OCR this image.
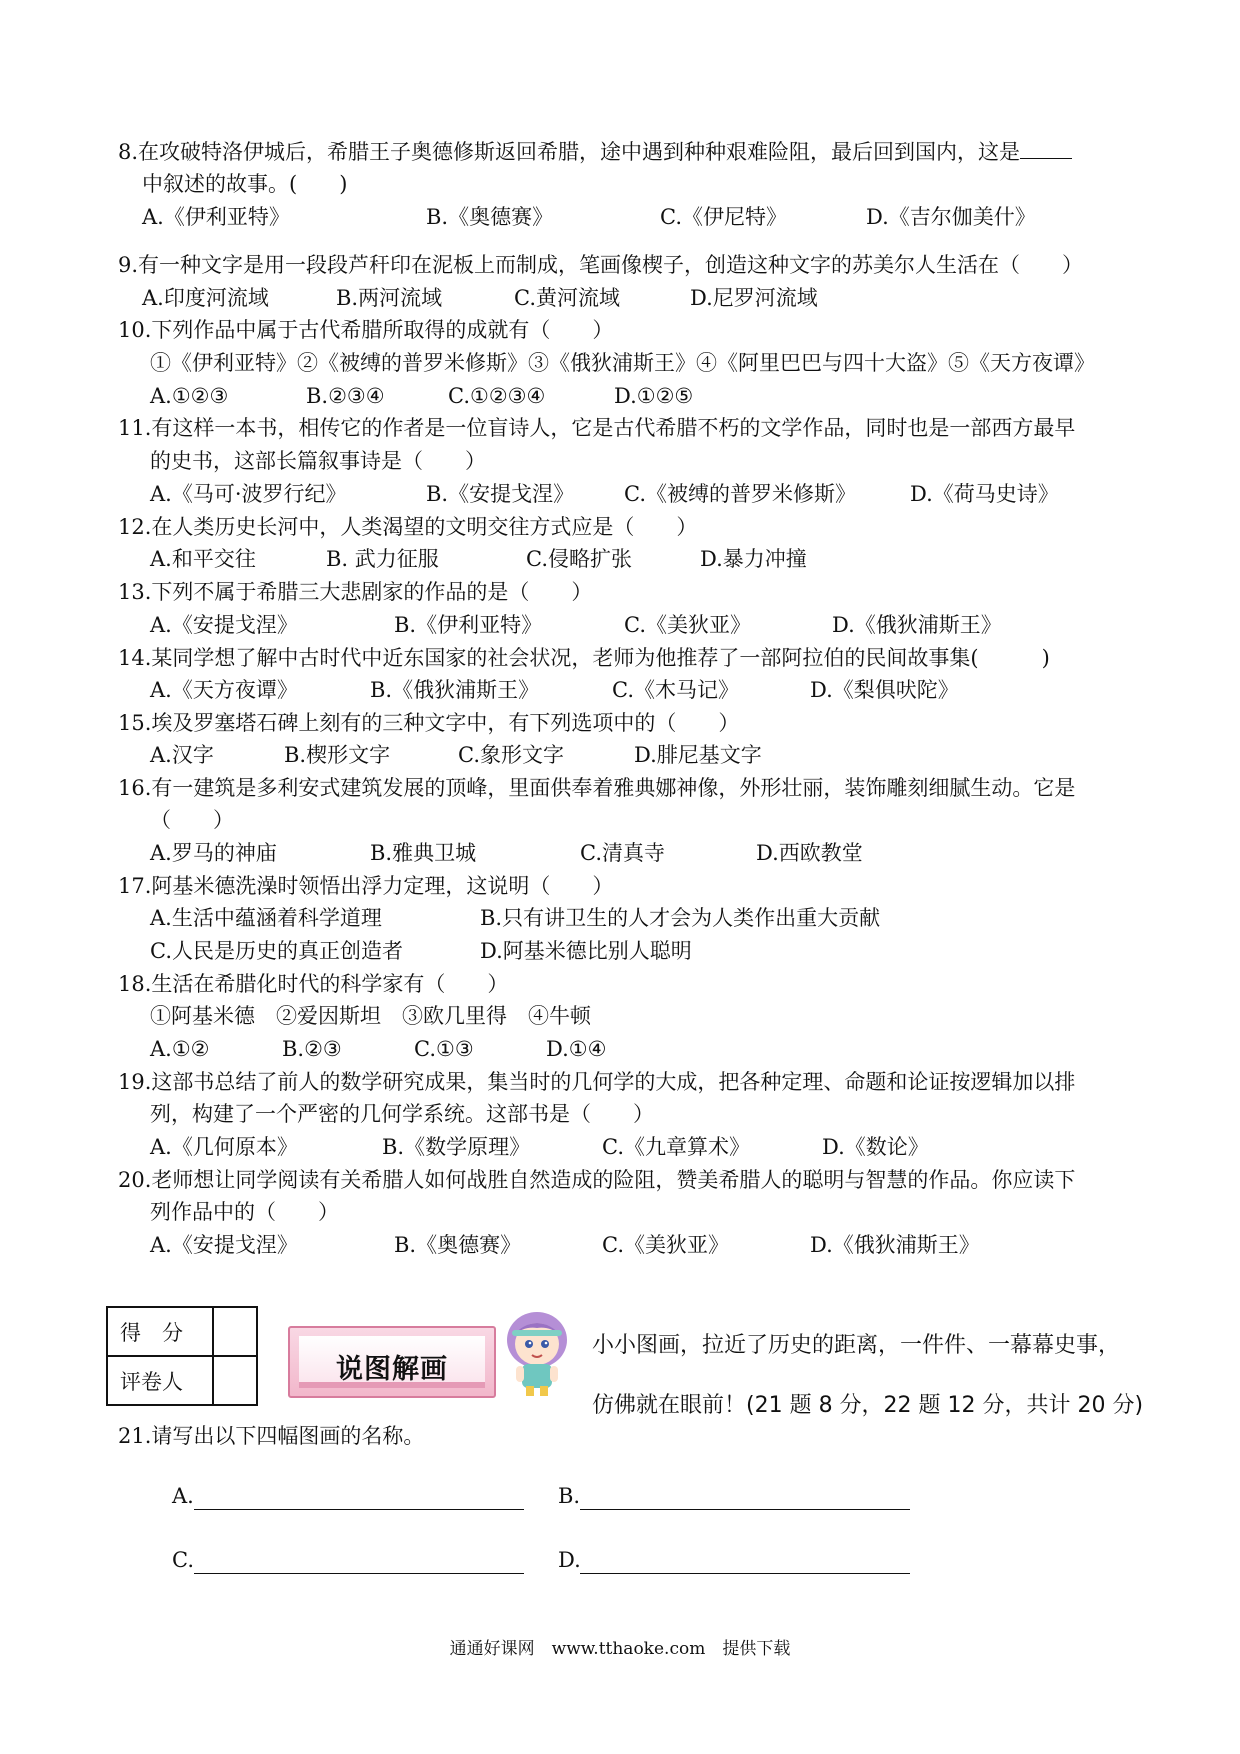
8.在攻破特洛伊城后，希腊王子奥德修斯返回希腊，途中遇到种种艰难险阻，最后回到国内，这是
中叙述的故事。(　　)
A.《伊利亚特》	B.《奥德赛》	C.《伊尼特》	D.《吉尔伽美什》
9.有一种文字是用一段段芦秆印在泥板上而制成，笔画像楔子，创造这种文字的苏美尔人生活在（　　）
A.印度河流域	B.两河流域	C.黄河流域	D.尼罗河流域
10.下列作品中属于古代希腊所取得的成就有（　　）
①《伊利亚特》②《被缚的普罗米修斯》③《俄狄浦斯王》④《阿里巴巴与四十大盗》⑤《天方夜谭》
A.①②③	B.②③④	C.①②③④	D.①②⑤
11.有这样一本书，相传它的作者是一位盲诗人，它是古代希腊不朽的文学作品，同时也是一部西方最早
的史书，这部长篇叙事诗是（　　）
A.《马可·波罗行纪》	B.《安提戈涅》 C.《被缚的普罗米修斯》	D.《荷马史诗》
12.在人类历史长河中，人类渴望的文明交往方式应是（　　）
A.和平交往	B. 武力征服	C.侵略扩张	D.暴力冲撞
13.下列不属于希腊三大悲剧家的作品的是（　　）
A.《安提戈涅》	B.《伊利亚特》	C.《美狄亚》	D.《俄狄浦斯王》
14.某同学想了解中古时代中近东国家的社会状况，老师为他推荐了一部阿拉伯的民间故事集(　　　)
A.《天方夜谭》	B.《俄狄浦斯王》	C.《木马记》	D.《梨俱吠陀》
15.埃及罗塞塔石碑上刻有的三种文字中，有下列选项中的（　　）
A.汉字	B.楔形文字	C.象形文字	D.腓尼基文字
16.有一建筑是多利安式建筑发展的顶峰，里面供奉着雅典娜神像，外形壮丽，装饰雕刻细腻生动。它是
（　　）
A.罗马的神庙	B.雅典卫城	C.清真寺	D.西欧教堂
17.阿基米德洗澡时领悟出浮力定理，这说明（　　）
A.生活中蕴涵着科学道理	B.只有讲卫生的人才会为人类作出重大贡献
C.人民是历史的真正创造者	D.阿基米德比别人聪明
18.生活在希腊化时代的科学家有（　　）
①阿基米德　②爱因斯坦　③欧几里得　④牛顿
A.①②	B.②③	C.①③	D.①④
19.这部书总结了前人的数学研究成果，集当时的几何学的大成，把各种定理、命题和论证按逻辑加以排
列，构建了一个严密的几何学系统。这部书是（　　）
A.《几何原本》	B.《数学原理》	C.《九章算术》	D.《数论》
20.老师想让同学阅读有关希腊人如何战胜自然造成的险阻，赞美希腊人的聪明与智慧的作品。你应读下
列作品中的（　　）
A.《安提戈涅》	B.《奥德赛》	C.《美狄亚》	D.《俄狄浦斯王》
得　分	
评卷人		说图解画
小小图画，拉近了历史的距离，一件件、一幕幕史事，
仿佛就在眼前！(21 题 8 分，22 题 12 分，共计 20 分)
21.请写出以下四幅图画的名称。
A.	B.
C.	D.
通通好课网　www.tthaoke.com　提供下载
